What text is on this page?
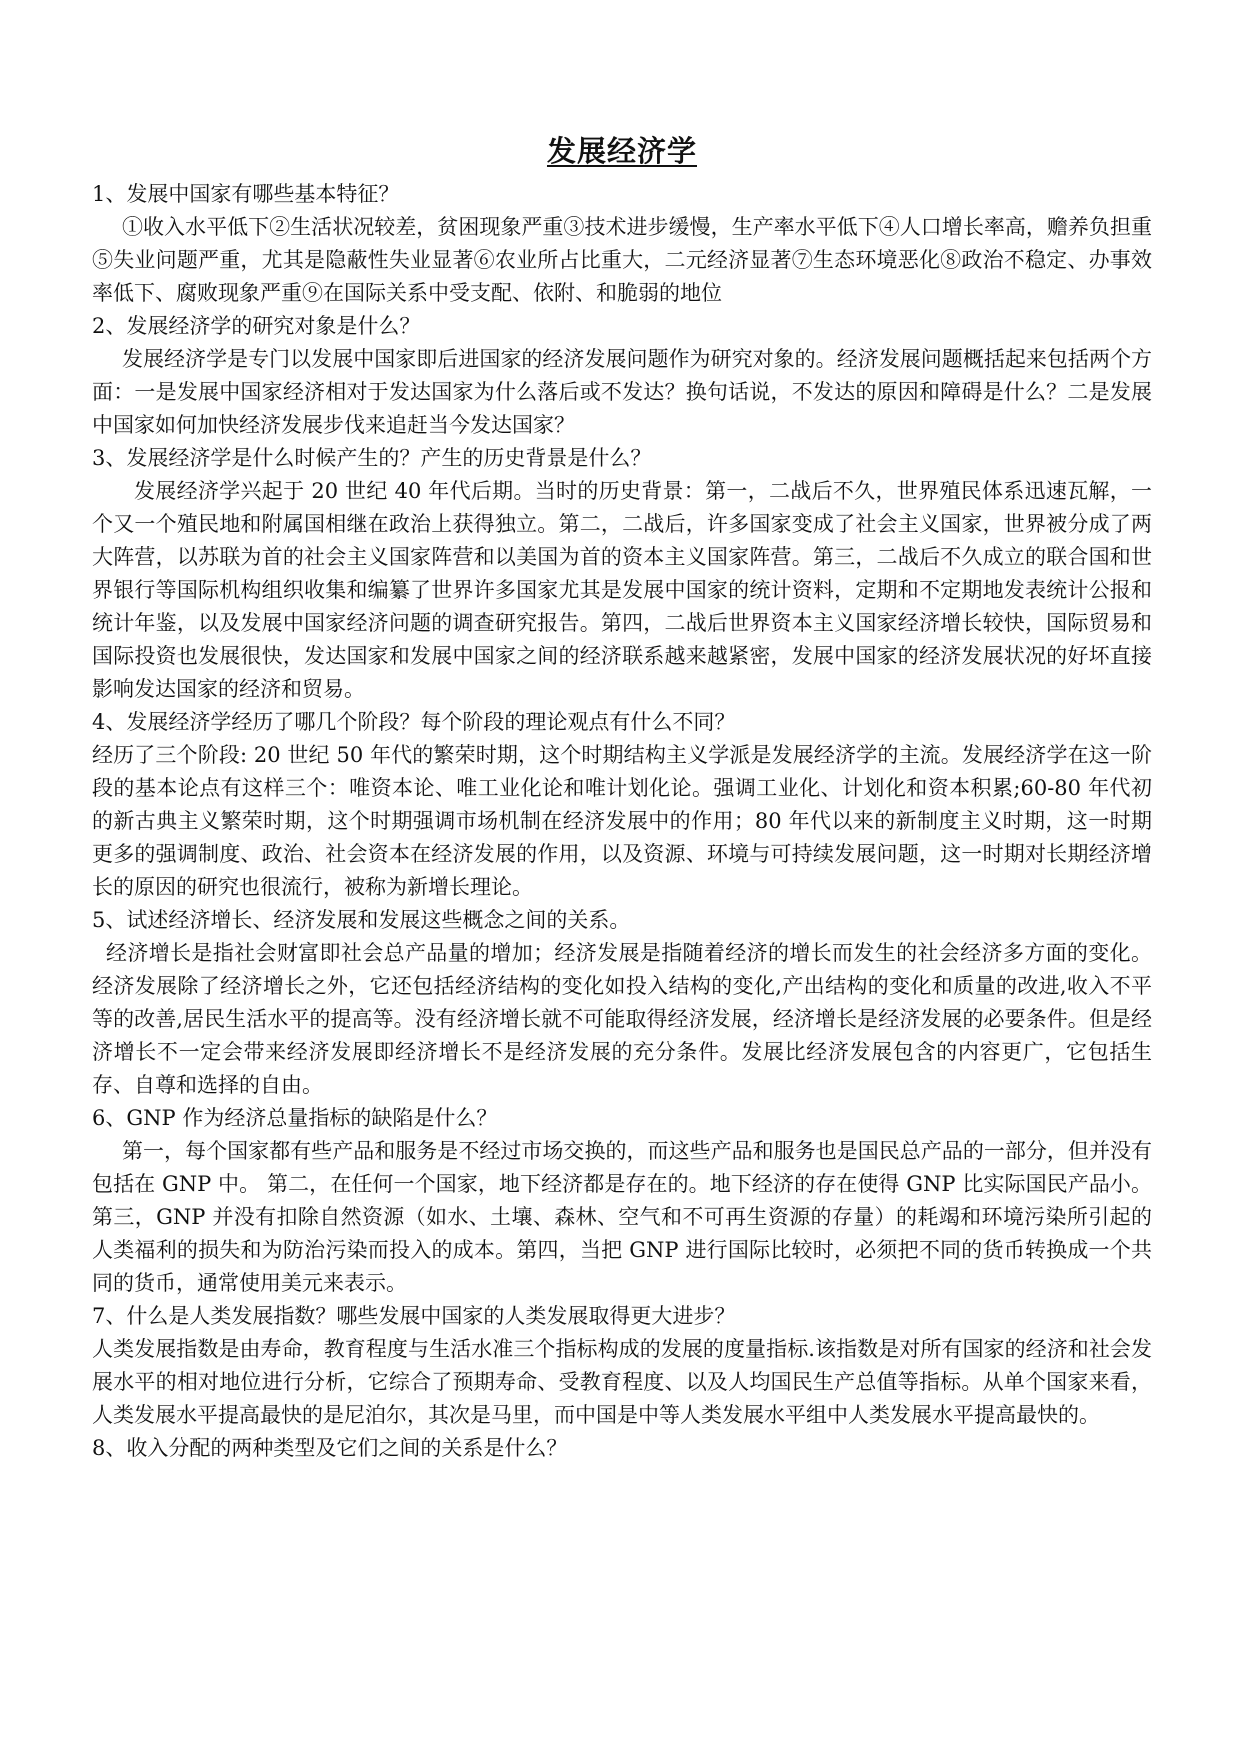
发展经济学

1、发展中国家有哪些基本特征？

①收入水平低下②生活状况较差，贫困现象严重③技术进步缓慢，生产率水平低下④人口增长率高，赡养负担重⑤失业问题严重，尤其是隐蔽性失业显著⑥农业所占比重大，二元经济显著⑦生态环境恶化⑧政治不稳定、办事效率低下、腐败现象严重⑨在国际关系中受支配、依附、和脆弱的地位

2、发展经济学的研究对象是什么？

发展经济学是专门以发展中国家即后进国家的经济发展问题作为研究对象的。经济发展问题概括起来包括两个方面：一是发展中国家经济相对于发达国家为什么落后或不发达？换句话说，不发达的原因和障碍是什么？二是发展中国家如何加快经济发展步伐来追赶当今发达国家？

3、发展经济学是什么时候产生的？产生的历史背景是什么？

发展经济学兴起于 20 世纪 40 年代后期。当时的历史背景：第一，二战后不久，世界殖民体系迅速瓦解，一个又一个殖民地和附属国相继在政治上获得独立。第二，二战后，许多国家变成了社会主义国家，世界被分成了两大阵营，以苏联为首的社会主义国家阵营和以美国为首的资本主义国家阵营。第三，二战后不久成立的联合国和世界银行等国际机构组织收集和编纂了世界许多国家尤其是发展中国家的统计资料，定期和不定期地发表统计公报和统计年鉴，以及发展中国家经济问题的调查研究报告。第四，二战后世界资本主义国家经济增长较快，国际贸易和国际投资也发展很快，发达国家和发展中国家之间的经济联系越来越紧密，发展中国家的经济发展状况的好坏直接影响发达国家的经济和贸易。

4、发展经济学经历了哪几个阶段？每个阶段的理论观点有什么不同？

经历了三个阶段: 20 世纪 50 年代的繁荣时期，这个时期结构主义学派是发展经济学的主流。发展经济学在这一阶段的基本论点有这样三个：唯资本论、唯工业化论和唯计划化论。强调工业化、计划化和资本积累;60-80 年代初的新古典主义繁荣时期，这个时期强调市场机制在经济发展中的作用；80 年代以来的新制度主义时期，这一时期更多的强调制度、政治、社会资本在经济发展的作用，以及资源、环境与可持续发展问题，这一时期对长期经济增长的原因的研究也很流行，被称为新增长理论。

5、试述经济增长、经济发展和发展这些概念之间的关系。

经济增长是指社会财富即社会总产品量的增加；经济发展是指随着经济的增长而发生的社会经济多方面的变化。经济发展除了经济增长之外，它还包括经济结构的变化如投入结构的变化,产出结构的变化和质量的改进,收入不平等的改善,居民生活水平的提高等。没有经济增长就不可能取得经济发展，经济增长是经济发展的必要条件。但是经济增长不一定会带来经济发展即经济增长不是经济发展的充分条件。发展比经济发展包含的内容更广，它包括生存、自尊和选择的自由。

6、GNP 作为经济总量指标的缺陷是什么？

第一，每个国家都有些产品和服务是不经过市场交换的，而这些产品和服务也是国民总产品的一部分，但并没有包括在 GNP 中。 第二，在任何一个国家，地下经济都是存在的。地下经济的存在使得 GNP 比实际国民产品小。第三，GNP 并没有扣除自然资源（如水、土壤、森林、空气和不可再生资源的存量）的耗竭和环境污染所引起的人类福利的损失和为防治污染而投入的成本。第四，当把 GNP 进行国际比较时，必须把不同的货币转换成一个共同的货币，通常使用美元来表示。

7、什么是人类发展指数？哪些发展中国家的人类发展取得更大进步？

人类发展指数是由寿命，教育程度与生活水准三个指标构成的发展的度量指标.该指数是对所有国家的经济和社会发展水平的相对地位进行分析，它综合了预期寿命、受教育程度、以及人均国民生产总值等指标。从单个国家来看，人类发展水平提高最快的是尼泊尔，其次是马里，而中国是中等人类发展水平组中人类发展水平提高最快的。

8、收入分配的两种类型及它们之间的关系是什么？
